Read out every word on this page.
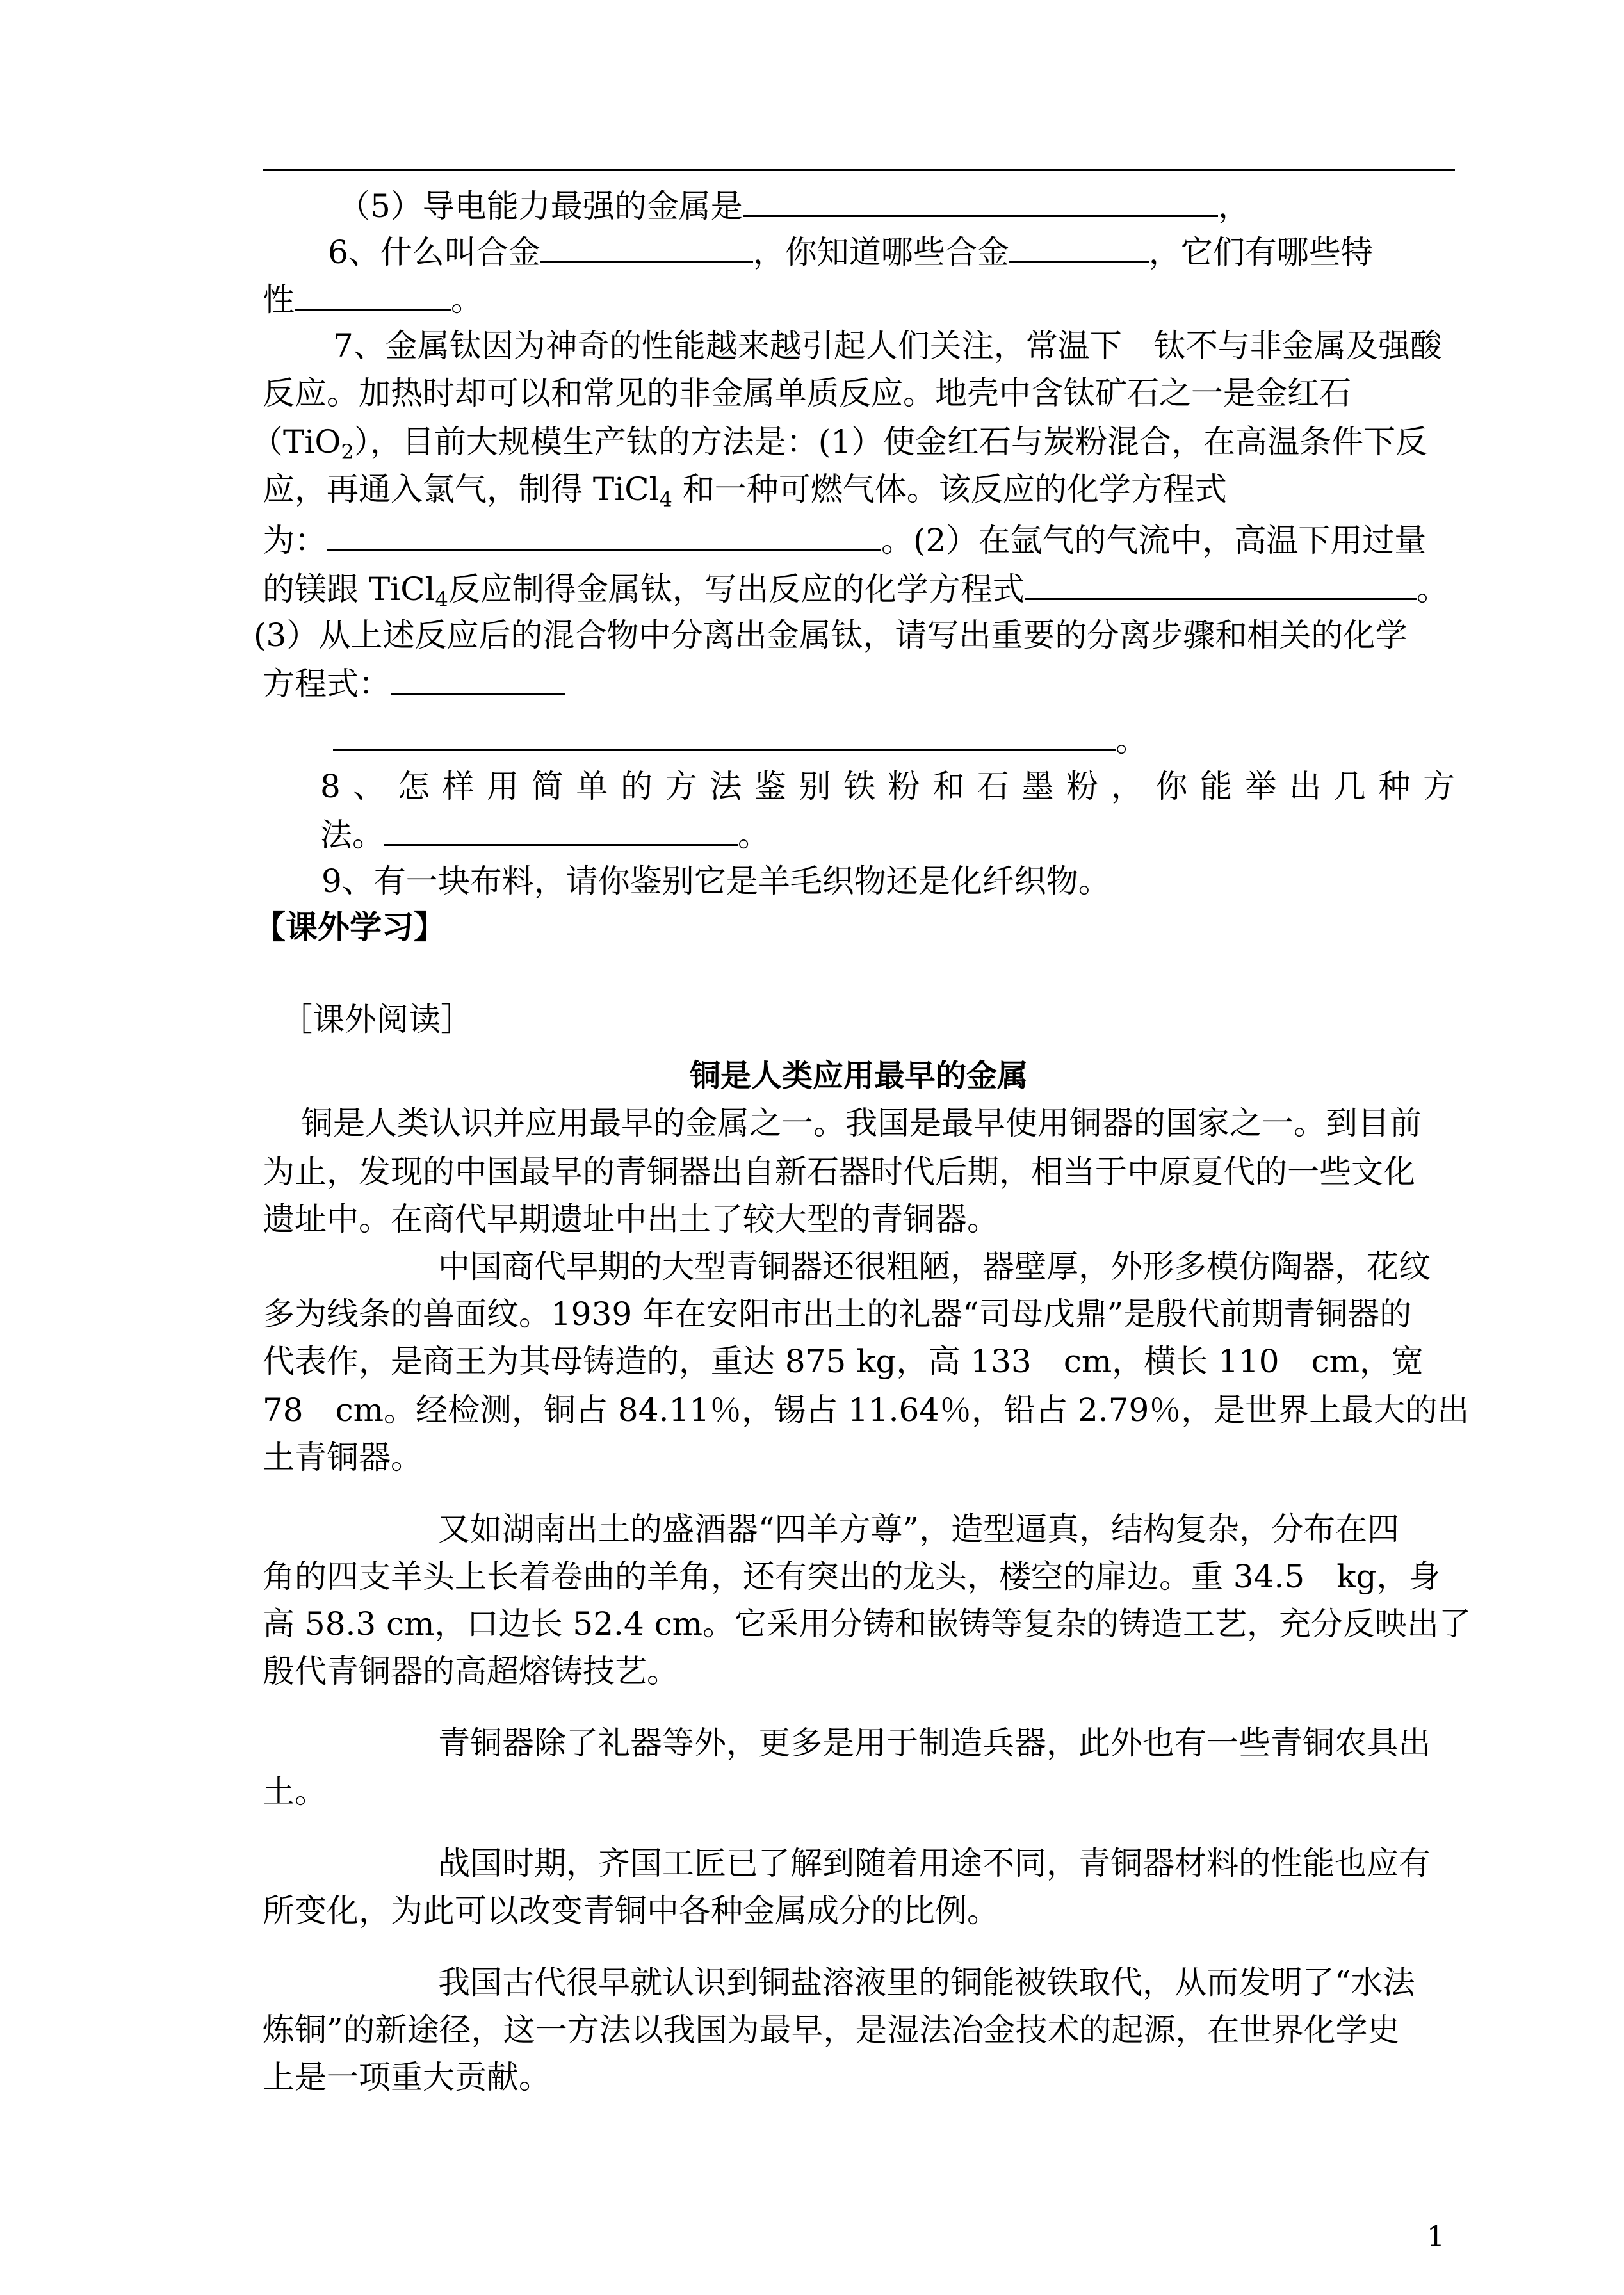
（5）导电能力最强的金属是	，
6、什么叫合金	，你知道哪些合金	，它们有哪些特
性	。
7、金属钛因为神奇的性能越来越引起人们关注，常温下　钛不与非金属及强酸
反应。加热时却可以和常见的非金属单质反应。地壳中含钛矿石之一是金红石
（TiO$_2$），目前大规模生产钛的方法是：(1）使金红石与炭粉混合，在高温条件下反
应，再通入氯气，制得 TiCl$_4$ 和一种可燃气体。该反应的化学方程式
为：	。(2）在氩气的气流中，高温下用过量
的镁跟 TiCl$_4$反应制得金属钛，写出反应的化学方程式	。
(3）从上述反应后的混合物中分离出金属钛，请写出重要的分离步骤和相关的化学
方程式：
。
8、怎样用简单的方法鉴别铁粉和石墨粉，你能举出几种方
法。	。
9、有一块布料，请你鉴别它是羊毛织物还是化纤织物。
【课外学习】
［课外阅读］
铜是人类应用最早的金属
铜是人类认识并应用最早的金属之一。我国是最早使用铜器的国家之一。到目前
为止，发现的中国最早的青铜器出自新石器时代后期，相当于中原夏代的一些文化
遗址中。在商代早期遗址中出土了较大型的青铜器。
中国商代早期的大型青铜器还很粗陋，器壁厚，外形多模仿陶器，花纹
多为线条的兽面纹。1939 年在安阳市出土的礼器“司母戊鼎”是殷代前期青铜器的
代表作，是商王为其母铸造的，重达 875 kg，高 133　cm，横长 110　cm，宽
78　cm。经检测，铜占 84.11％，锡占 11.64％，铅占 2.79％，是世界上最大的出
土青铜器。
又如湖南出土的盛酒器“四羊方尊”，造型逼真，结构复杂，分布在四
角的四支羊头上长着卷曲的羊角，还有突出的龙头，楼空的扉边。重 34.5　kg，身
高 58.3 cm，口边长 52.4 cm。它采用分铸和嵌铸等复杂的铸造工艺，充分反映出了
殷代青铜器的高超熔铸技艺。
青铜器除了礼器等外，更多是用于制造兵器，此外也有一些青铜农具出
土。
战国时期，齐国工匠已了解到随着用途不同，青铜器材料的性能也应有
所变化，为此可以改变青铜中各种金属成分的比例。
我国古代很早就认识到铜盐溶液里的铜能被铁取代，从而发明了“水法
炼铜”的新途径，这一方法以我国为最早，是湿法冶金技术的起源，在世界化学史
上是一项重大贡献。
1
